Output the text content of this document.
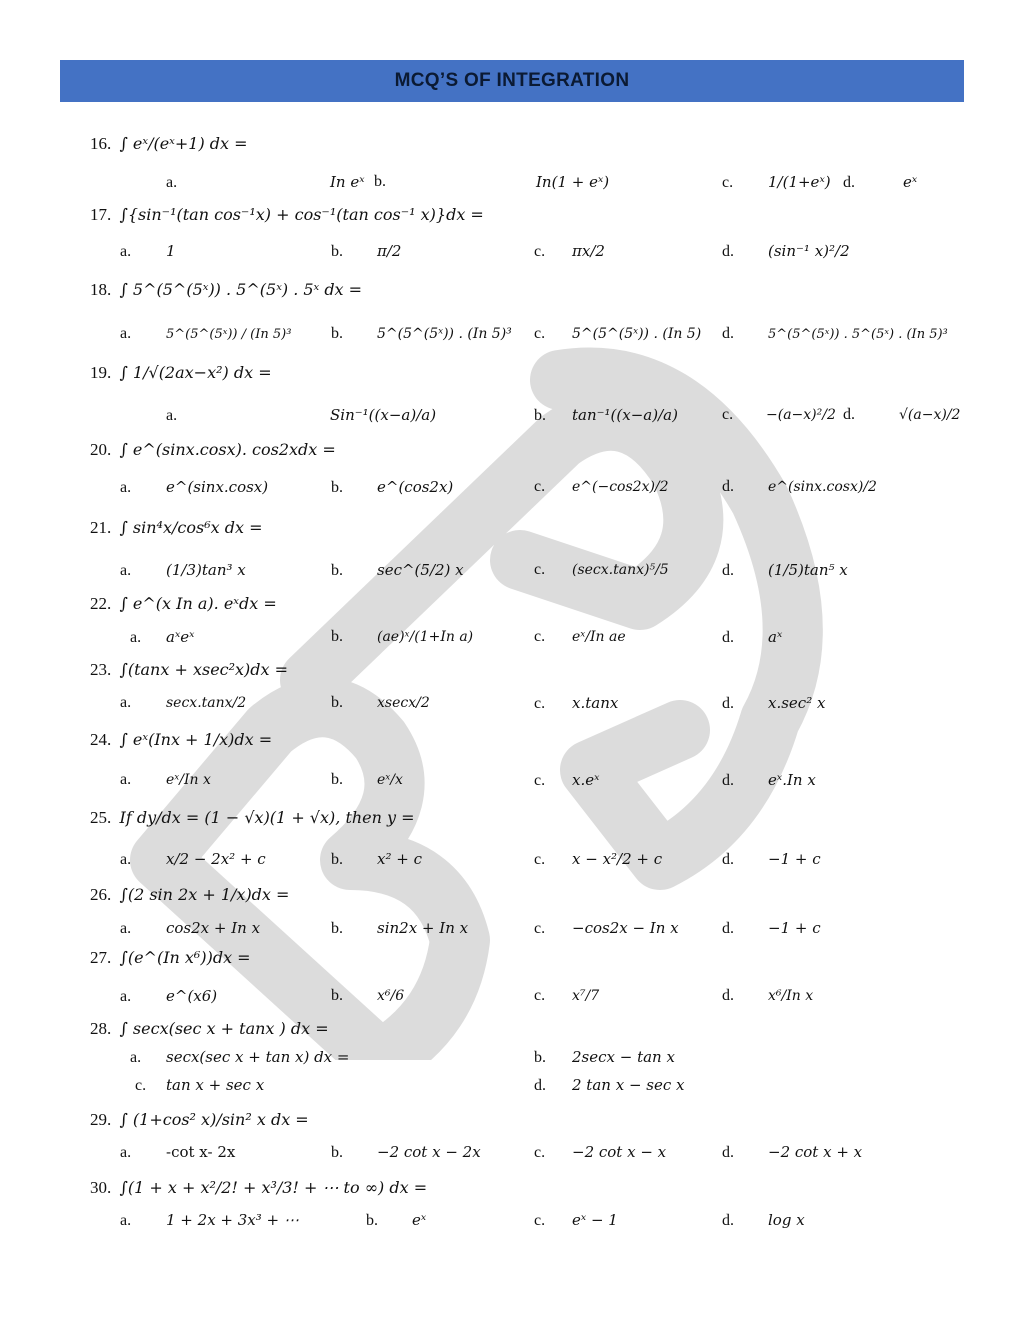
MCQ’S OF INTEGRATION
16. ∫ eˣ/(eˣ+1) dx =
a.	In eˣ b.	In(1 + eˣ)	c. 1/(1+eˣ) d.	eˣ
17. ∫{sin⁻¹(tan cos⁻¹x) + cos⁻¹(tan cos⁻¹ x)}dx =
a. 1	b. π/2	c. πx/2	d. (sin⁻¹ x)²/2
18. ∫ 5^(5^(5ˣ)) . 5^(5ˣ) . 5ˣ dx =
a.	5^(5^(5ˣ)) / (In 5)³ b. 5^(5^(5ˣ)) . (In 5)³ c. 5^(5^(5ˣ)) . (In 5) d.	5^(5^(5ˣ)) . 5^(5ˣ) . (In 5)³
19. ∫ 1/√(2ax−x²) dx =
a.	Sin⁻¹((x−a)/a)	b. tan⁻¹((x−a)/a)	c. −(a−x)²/2 d.	√(a−x)/2
20. ∫ e^(sinx.cosx). cos2xdx =
a. e^(sinx.cosx)	b. e^(cos2x)	c. e^(−cos2x)/2	d. e^(sinx.cosx)/2
21. ∫ sin⁴x/cos⁶x dx =
a. (1/3)tan³ x	b. sec^(5/2) x	c. (secx.tanx)⁵/5	d. (1/5)tan⁵ x
22. ∫ e^(x In a). eˣdx =
a. aˣeˣ	b. (ae)ˣ/(1+In a)	c. eˣ/In ae	d. aˣ
23. ∫(tanx + xsec²x)dx =
a. secx.tanx/2	b. xsecx/2	c. x.tanx	d. x.sec² x
24. ∫ eˣ(Inx + 1/x)dx =
a. eˣ/In x	b. eˣ/x	c. x.eˣ	d. eˣ.In x
25. If dy/dx = (1 − √x)(1 + √x), then y =
a. x/2 − 2x² + c	b. x² + c	c. x − x²/2 + c	d. −1 + c
26. ∫(2 sin 2x + 1/x)dx =
a. cos2x + In x	b. sin2x + In x	c. −cos2x − In x	d. −1 + c
27. ∫(e^(In x⁶))dx =
a. e^(x6)	b. x⁶/6	c. x⁷/7	d. x⁶/In x
28. ∫ secx(sec x + tanx ) dx =
a. secx(sec x + tan x) dx =	b. 2secx − tan x
c. tan x + sec x	d. 2 tan x − sec x
29. ∫ (1+cos² x)/sin² x dx =
a. -cot x- 2x	b. −2 cot x − 2x	c. −2 cot x − x	d. −2 cot x + x
30. ∫(1 + x + x²/2! + x³/3! + ⋯ to ∞) dx =
a. 1 + 2x + 3x³ + ⋯	b. eˣ	c. eˣ − 1	d. log x
